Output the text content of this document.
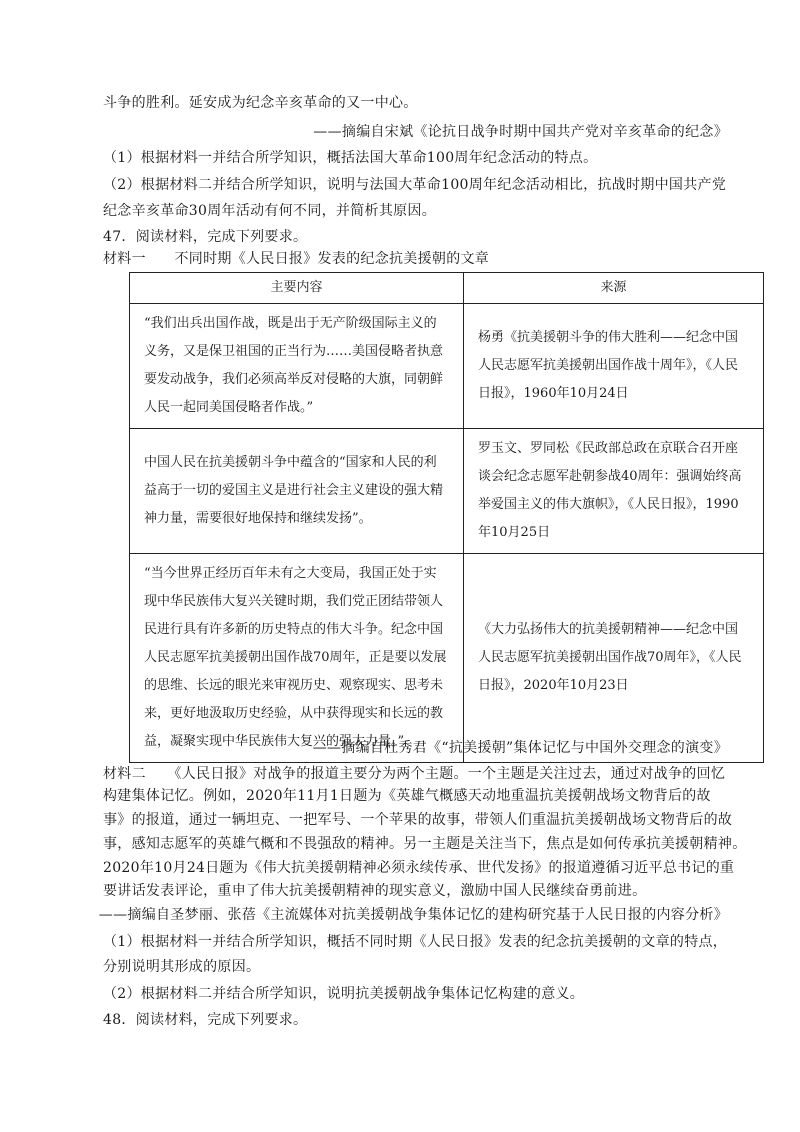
斗争的胜利。延安成为纪念辛亥革命的又一中心。
——摘编自宋斌《论抗日战争时期中国共产党对辛亥革命的纪念》
（1）根据材料一并结合所学知识，概括法国大革命100周年纪念活动的特点。
（2）根据材料二并结合所学知识，说明与法国大革命100周年纪念活动相比，抗战时期中国共产党
纪念辛亥革命30周年活动有何不同，并简析其原因。
47．阅读材料，完成下列要求。
材料一　　不同时期《人民日报》发表的纪念抗美援朝的文章
主要内容	来源
“我们出兵出国作战，既是出于无产阶级国际主义的义务，又是保卫祖国的正当行为……美国侵略者执意要发动战争，我们必须高举反对侵略的大旗，同朝鲜人民一起同美国侵略者作战。”	杨勇《抗美援朝斗争的伟大胜利——纪念中国人民志愿军抗美援朝出国作战十周年》，《人民日报》，1960年10月24日
中国人民在抗美援朝斗争中蕴含的“国家和人民的利益高于一切的爱国主义是进行社会主义建设的强大精神力量，需要很好地保持和继续发扬”。	罗玉文、罗同松《民政部总政在京联合召开座谈会纪念志愿军赴朝参战40周年：强调始终高举爱国主义的伟大旗帜》，《人民日报》，1990年10月25日
“当今世界正经历百年未有之大变局，我国正处于实现中华民族伟大复兴关键时期，我们党正团结带领人民进行具有许多新的历史特点的伟大斗争。纪念中国人民志愿军抗美援朝出国作战70周年，正是要以发展的思维、长远的眼光来审视历史、观察现实、思考未来，更好地汲取历史经验，从中获得现实和长远的教益，凝聚实现中华民族伟大复兴的强大力量。”	《大力弘扬伟大的抗美援朝精神——纪念中国人民志愿军抗美援朝出国作战70周年》，《人民日报》，2020年10月23日
——摘编自杜秀君《“抗美援朝”集体记忆与中国外交理念的演变》
材料二　　《人民日报》对战争的报道主要分为两个主题。一个主题是关注过去，通过对战争的回忆
构建集体记忆。例如，2020年11月1日题为《英雄气概感天动地重温抗美援朝战场文物背后的故
事》的报道，通过一辆坦克、一把军号、一个苹果的故事，带领人们重温抗美援朝战场文物背后的故
事，感知志愿军的英雄气概和不畏强敌的精神。另一主题是关注当下，焦点是如何传承抗美援朝精神。
2020年10月24日题为《伟大抗美援朝精神必须永续传承、世代发扬》的报道遵循习近平总书记的重
要讲话发表评论，重申了伟大抗美援朝精神的现实意义，激励中国人民继续奋勇前进。
——摘编自圣梦丽、张蓓《主流媒体对抗美援朝战争集体记忆的建构研究基于人民日报的内容分析》
（1）根据材料一并结合所学知识，概括不同时期《人民日报》发表的纪念抗美援朝的文章的特点，
分别说明其形成的原因。
（2）根据材料二并结合所学知识，说明抗美援朝战争集体记忆构建的意义。
48．阅读材料，完成下列要求。
